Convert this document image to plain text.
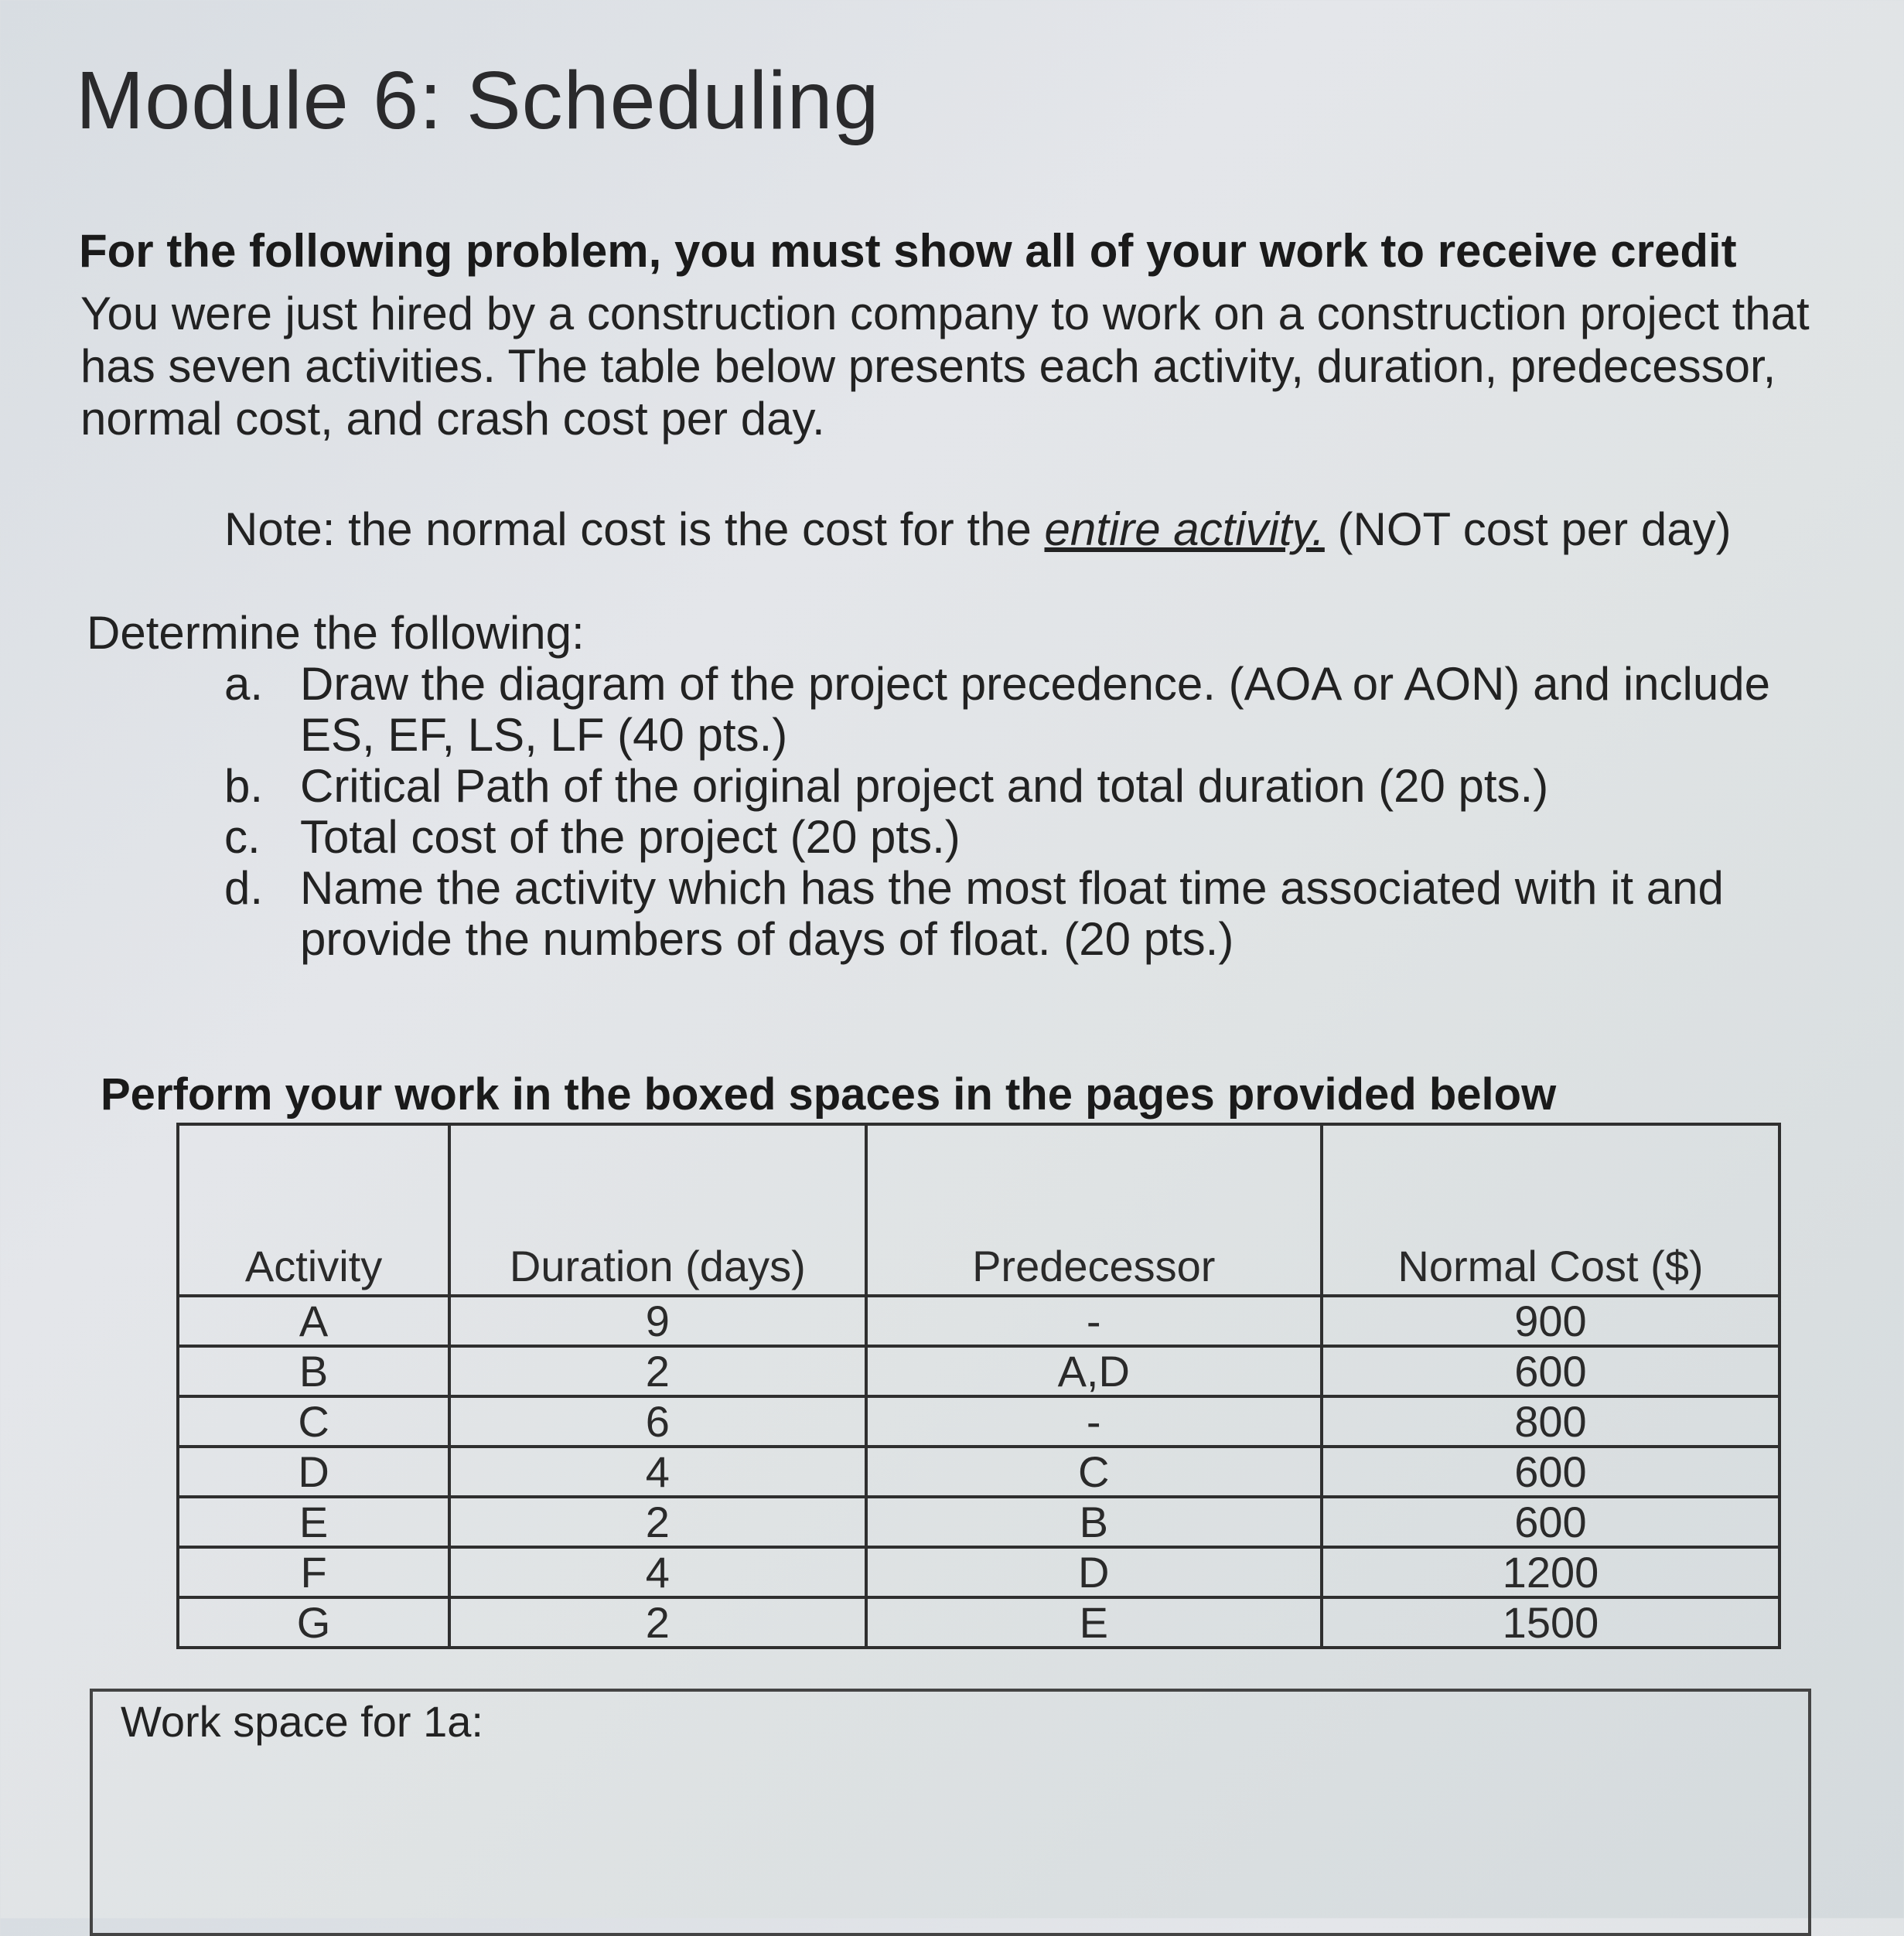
Module 6: Scheduling
For the following problem, you must show all of your work to receive credit
You were just hired by a construction company to work on a construction project that has seven activities. The table below presents each activity, duration, predecessor, normal cost, and crash cost per day.
Note: the normal cost is the cost for the entire activity. (NOT cost per day)
Determine the following:
a. Draw the diagram of the project precedence. (AOA or AON) and include ES, EF, LS, LF (40 pts.)
b. Critical Path of the original project and total duration (20 pts.)
c. Total cost of the project (20 pts.)
d. Name the activity which has the most float time associated with it and provide the numbers of days of float. (20 pts.)
Perform your work in the boxed spaces in the pages provided below
Activity	Duration (days)	Predecessor	Normal Cost ($)
A	9	-	900
B	2	A,D	600
C	6	-	800
D	4	C	600
E	2	B	600
F	4	D	1200
G	2	E	1500
Work space for 1a:
